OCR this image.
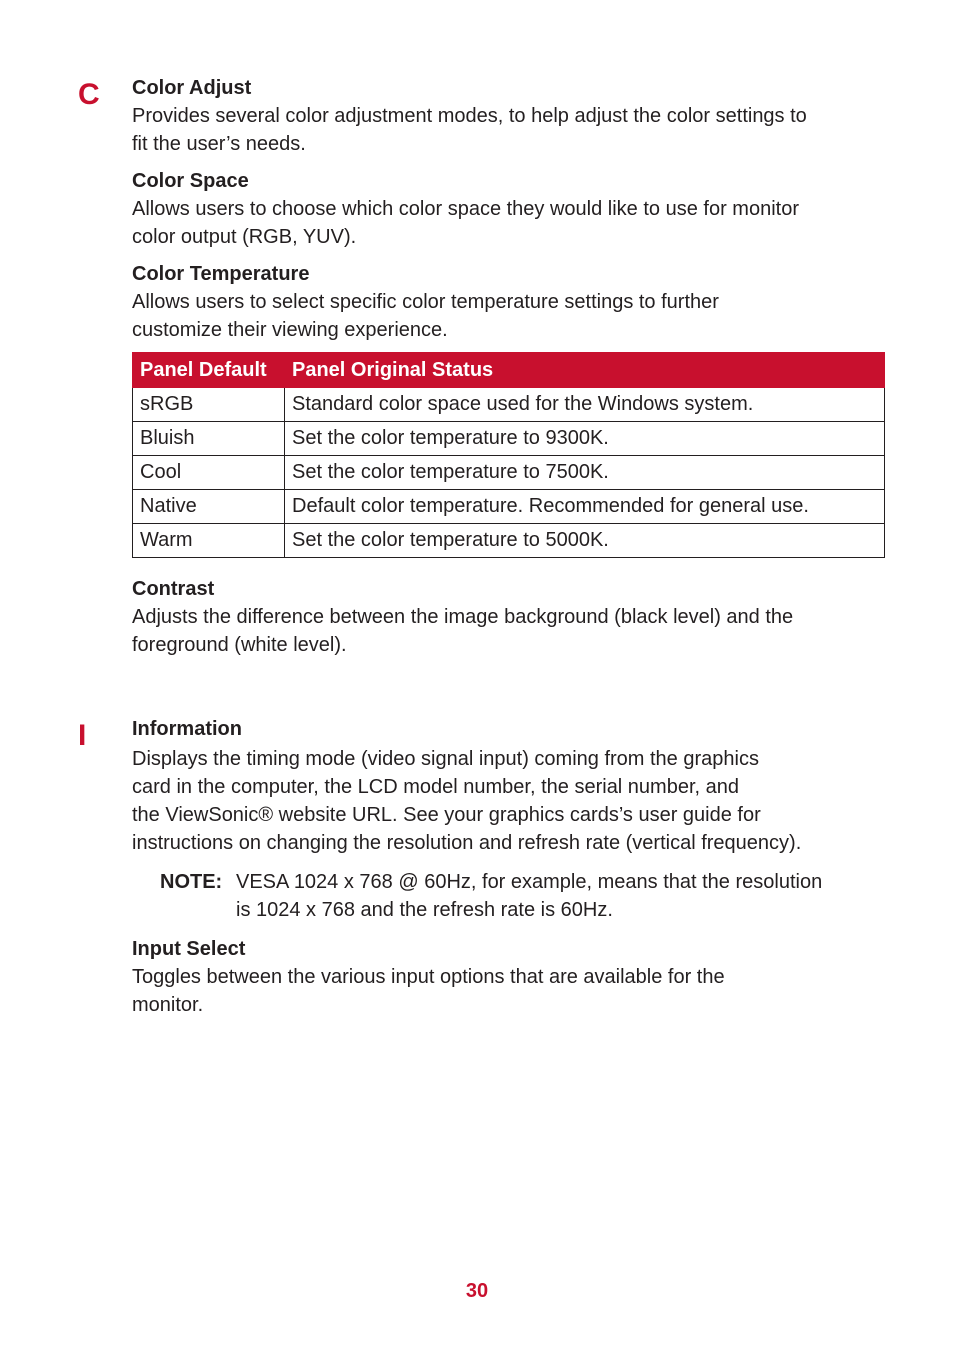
C Color Adjust
Provides several color adjustment modes, to help adjust the color settings to
fit the user’s needs.
Color Space
Allows users to choose which color space they would like to use for monitor
color output (RGB, YUV).
Color Temperature
Allows users to select specific color temperature settings to further
customize their viewing experience.
Panel Default	Panel Original Status
sRGB	Standard color space used for the Windows system.
Bluish	Set the color temperature to 9300K.
Cool	Set the color temperature to 7500K.
Native	Default color temperature. Recommended for general use.
Warm	Set the color temperature to 5000K.
Contrast
Adjusts the difference between the image background (black level) and the
foreground (white level).
I Information
Displays the timing mode (video signal input) coming from the graphics
card in the computer, the LCD model number, the serial number, and
the ViewSonic® website URL. See your graphics cards’s user guide for
instructions on changing the resolution and refresh rate (vertical frequency).
NOTE: VESA 1024 x 768 @ 60Hz, for example, means that the resolution
is 1024 x 768 and the refresh rate is 60Hz.
Input Select
Toggles between the various input options that are available for the
monitor.
30
